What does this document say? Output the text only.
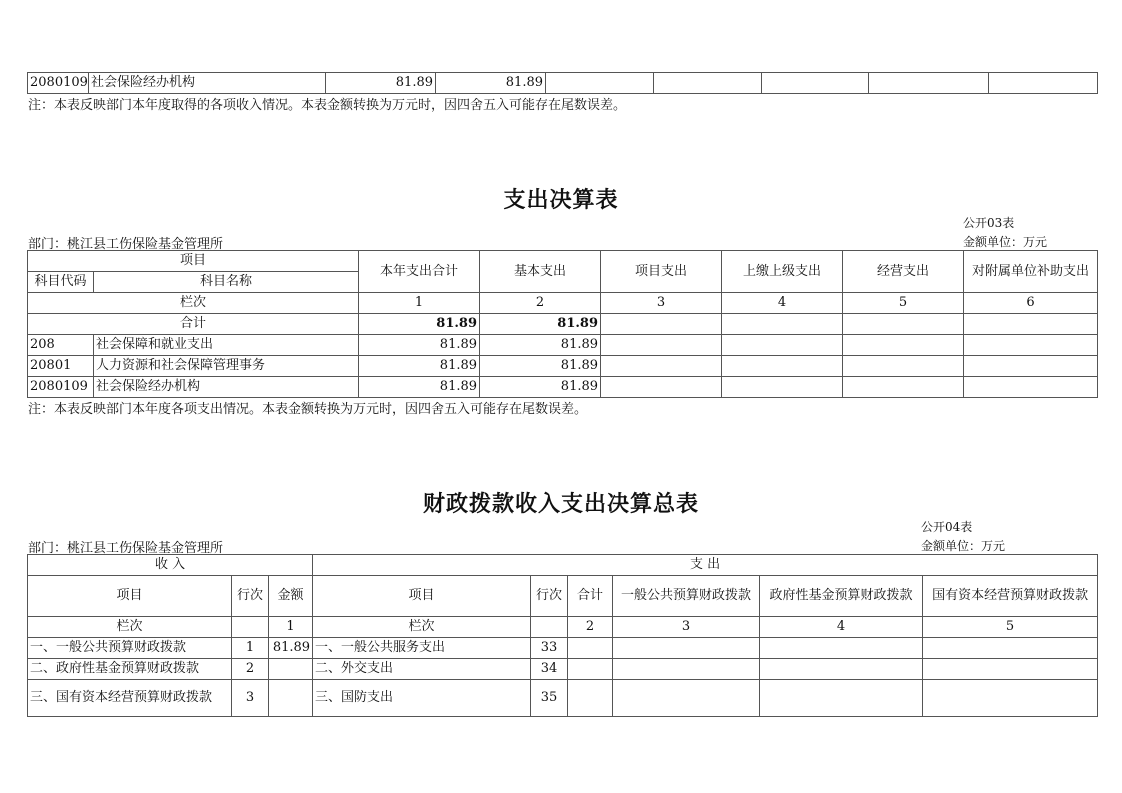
2080109	社会保险经办机构	81.89	81.89					
注：本表反映部门本年度取得的各项收入情况。本表金额转换为万元时，因四舍五入可能存在尾数误差。
支出决算表
公开03表
部门：桃江县工伤保险基金管理所	金额单位：万元
项目		本年支出合计	基本支出	项目支出	上缴上级支出	经营支出	对附属单位补助支出
科目代码	科目名称						
栏次		1	2	3	4	5	6
合计		81.89	81.89				
208	社会保障和就业支出	81.89	81.89				
20801	人力资源和社会保障管理事务	81.89	81.89				
2080109	社会保险经办机构	81.89	81.89				
注：本表反映部门本年度各项支出情况。本表金额转换为万元时，因四舍五入可能存在尾数误差。
财政拨款收入支出决算总表
公开04表
部门：桃江县工伤保险基金管理所	金额单位：万元
收 入			支 出					
项目	行次	金额	项目	行次	合计	一般公共预算财政拨款	政府性基金预算财政拨款	国有资本经营预算财政拨款
栏次		1	栏次		2	3	4	5
一、一般公共预算财政拨款	1	81.89	一、一般公共服务支出	33				
二、政府性基金预算财政拨款	2		二、外交支出	34				
三、国有资本经营预算财政拨款	3		三、国防支出	35				
